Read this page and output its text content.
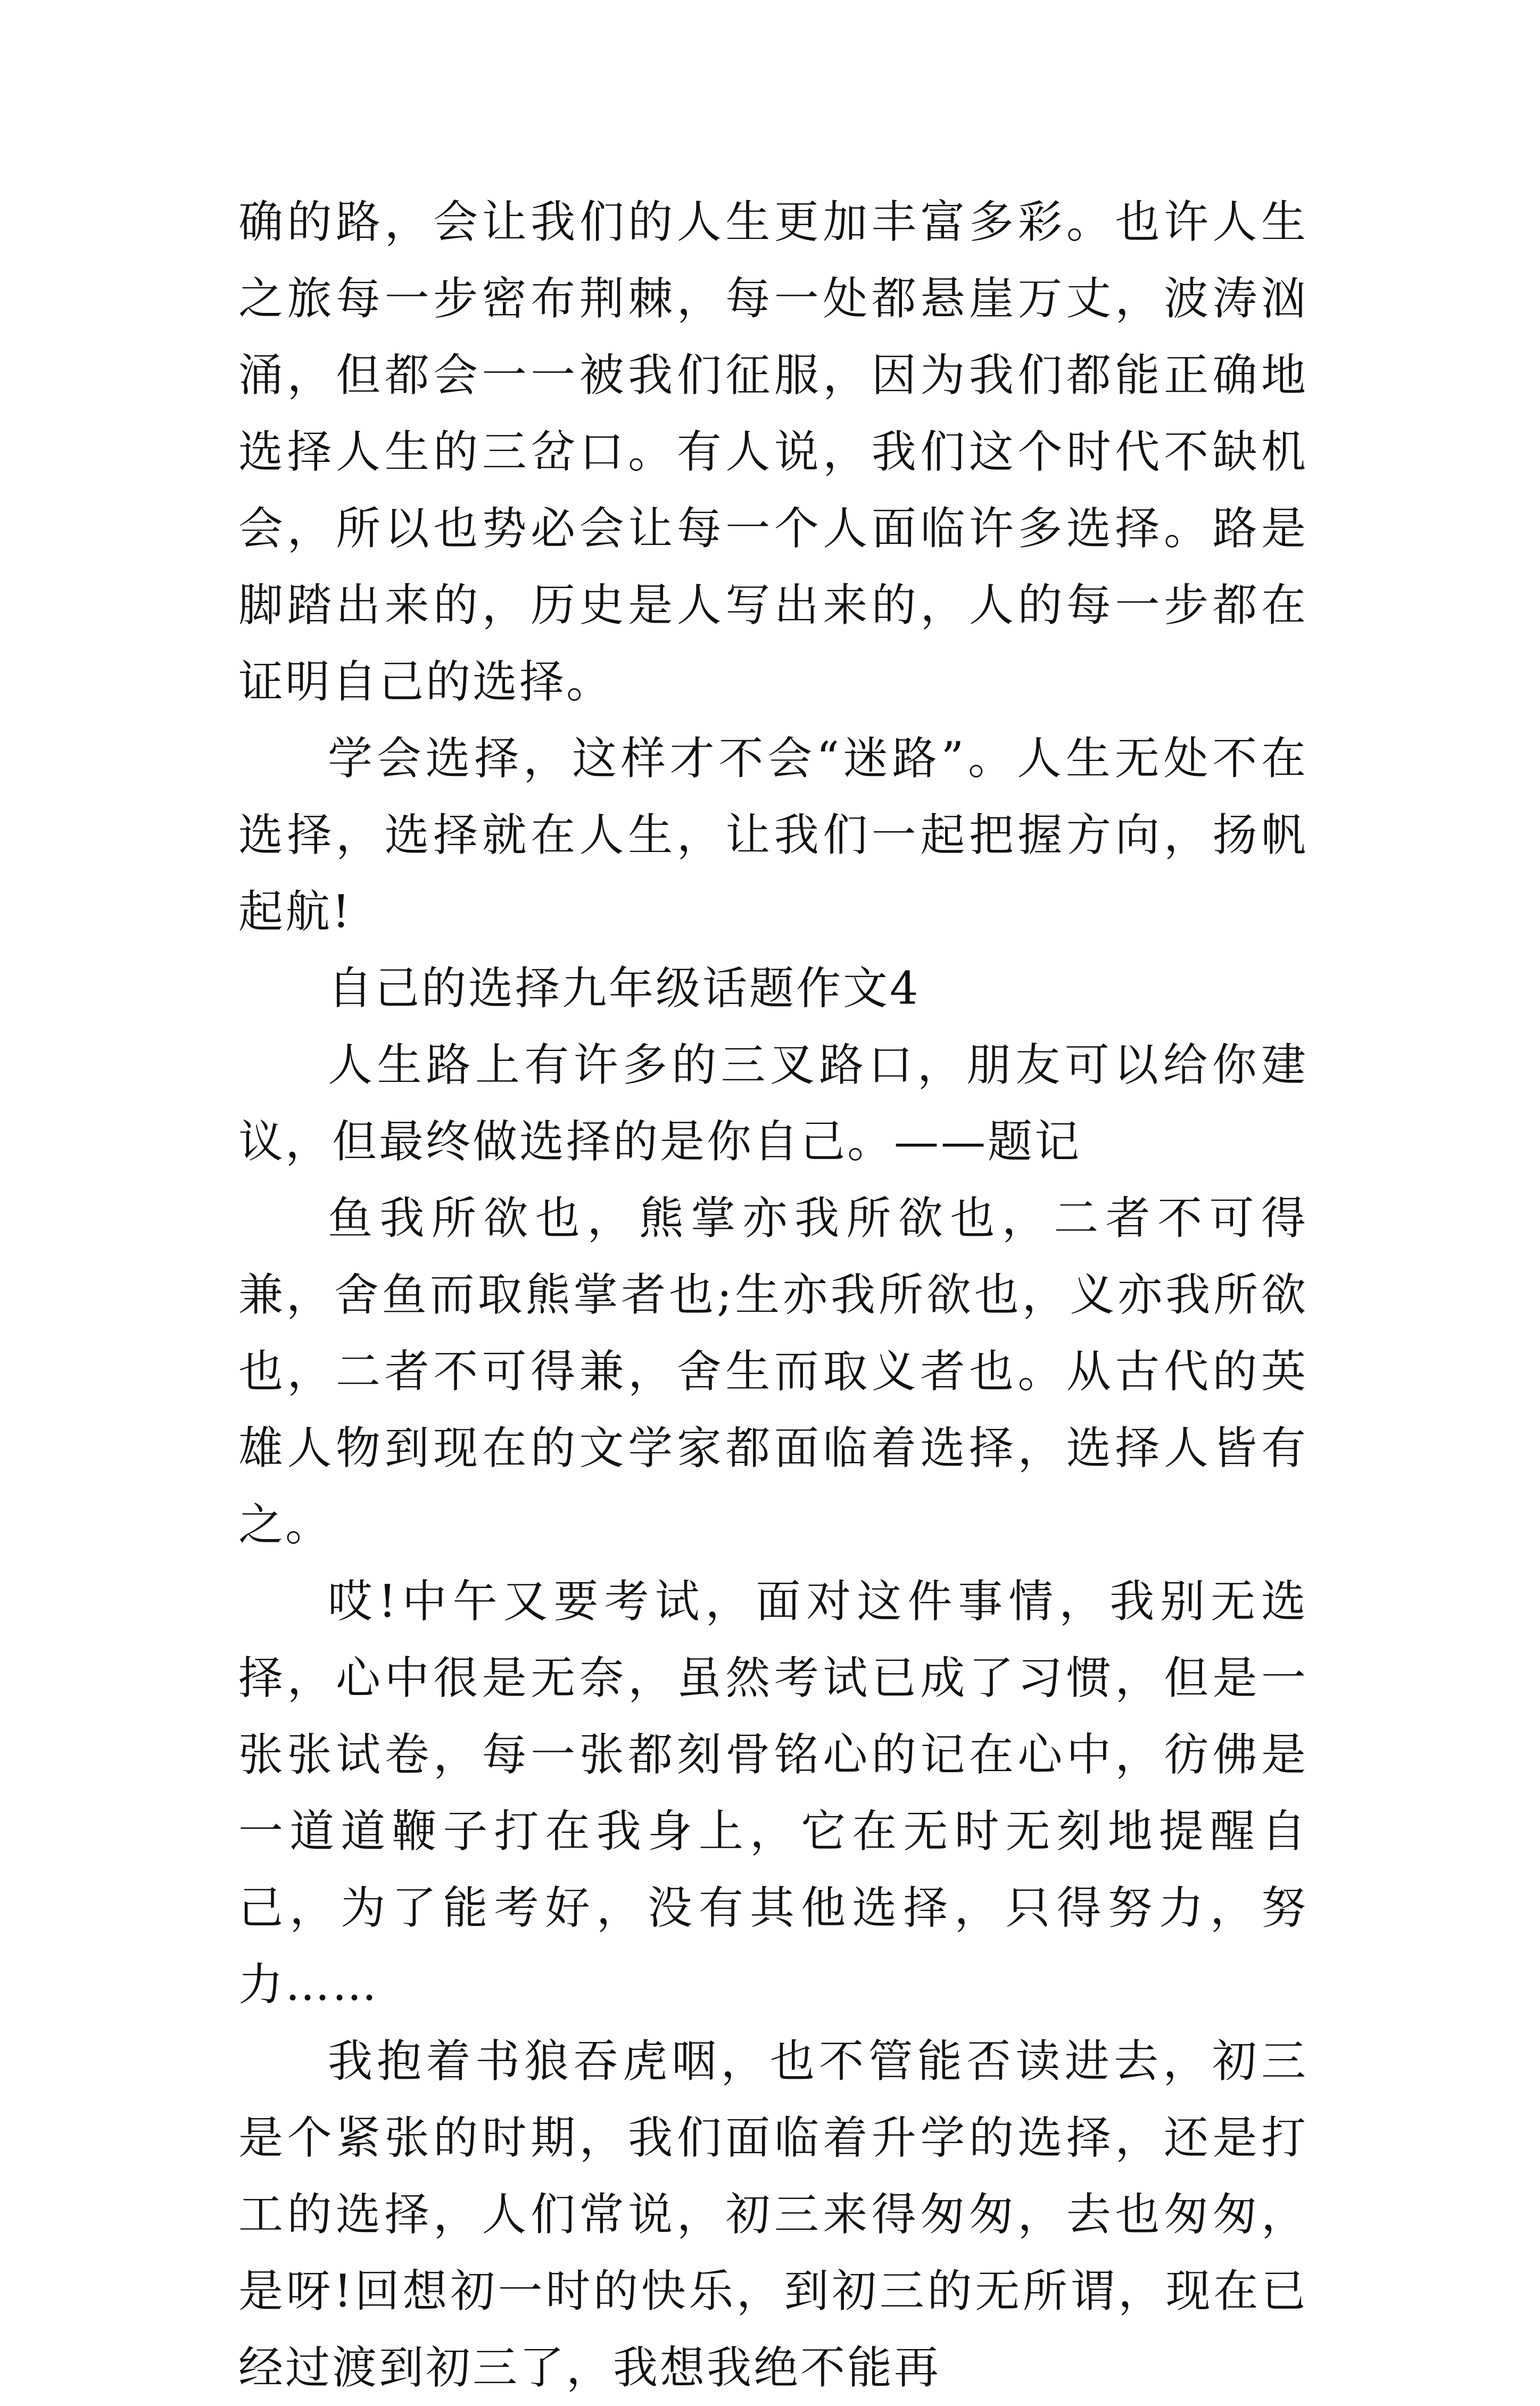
确的路，会让我们的人生更加丰富多彩。也许人生之旅每一步密布荆棘，每一处都悬崖万丈，波涛汹涌，但都会一一被我们征服，因为我们都能正确地选择人生的三岔口。有人说，我们这个时代不缺机会，所以也势必会让每一个人面临许多选择。路是脚踏出来的，历史是人写出来的，人的每一步都在证明自己的选择。

学会选择，这样才不会“迷路”。人生无处不在选择，选择就在人生，让我们一起把握方向，扬帆起航!

自己的选择九年级话题作文4

人生路上有许多的三叉路口，朋友可以给你建议，但最终做选择的是你自己。——题记

鱼我所欲也，熊掌亦我所欲也，二者不可得兼，舍鱼而取熊掌者也;生亦我所欲也，义亦我所欲也，二者不可得兼，舍生而取义者也。从古代的英雄人物到现在的文学家都面临着选择，选择人皆有之。

哎!中午又要考试，面对这件事情，我别无选择，心中很是无奈，虽然考试已成了习惯，但是一张张试卷，每一张都刻骨铭心的记在心中，彷佛是一道道鞭子打在我身上，它在无时无刻地提醒自己，为了能考好，没有其他选择，只得努力，努力……

我抱着书狼吞虎咽，也不管能否读进去，初三是个紧张的时期，我们面临着升学的选择，还是打工的选择，人们常说，初三来得匆匆，去也匆匆，是呀!回想初一时的快乐，到初三的无所谓，现在已经过渡到初三了，我想我绝不能再
